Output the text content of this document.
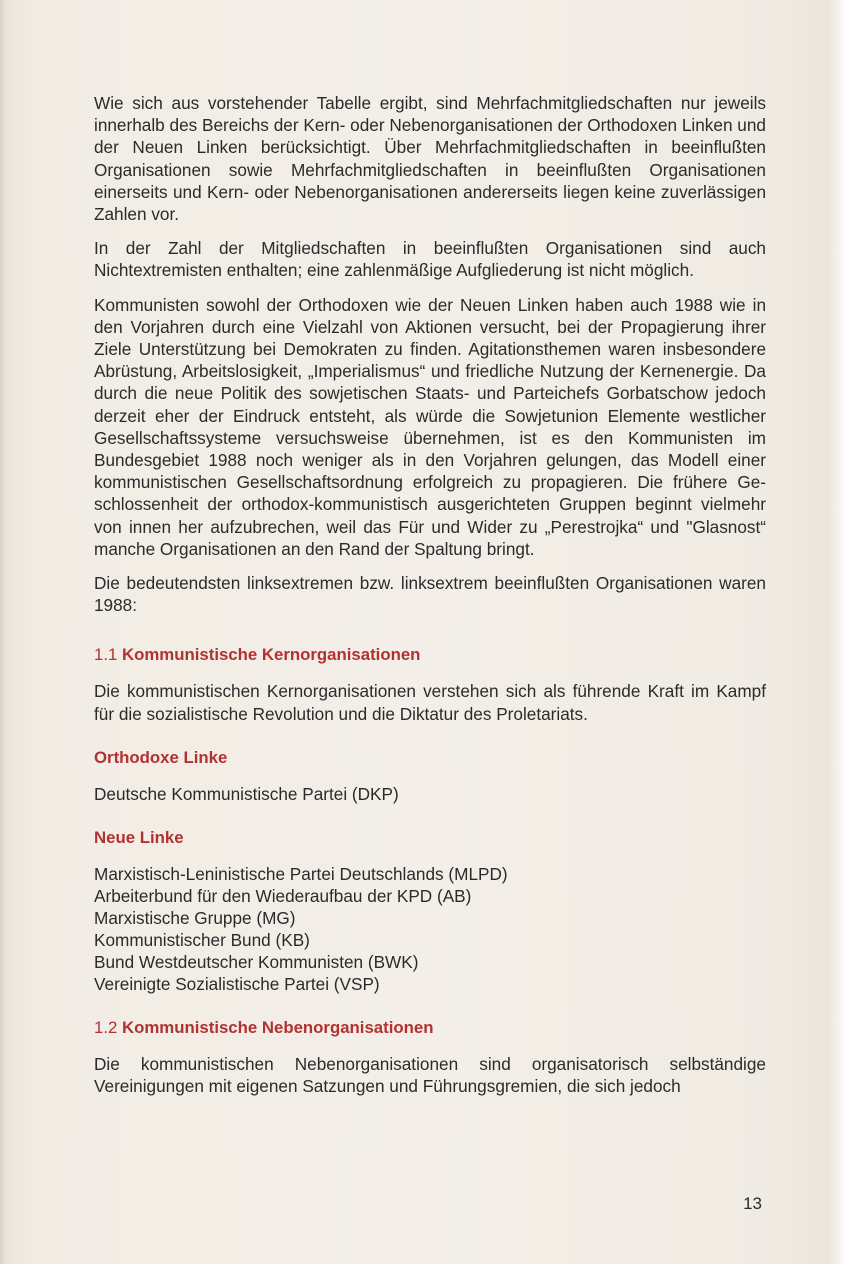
Wie sich aus vorstehender Tabelle ergibt, sind Mehrfachmitgliedschaften nur jeweils innerhalb des Bereichs der Kern- oder Nebenorganisationen der Orthodoxen Linken und der Neuen Linken berücksichtigt. Über Mehrfachmitgliedschaften in beeinflußten Organisationen sowie Mehrfachmitgliedschaften in beeinflußten Organisationen einerseits und Kern- oder Nebenorganisationen andererseits liegen keine zuverlässigen Zahlen vor.

In der Zahl der Mitgliedschaften in beeinflußten Organisationen sind auch Nichtextremisten enthalten; eine zahlenmäßige Aufgliederung ist nicht möglich.

Kommunisten sowohl der Orthodoxen wie der Neuen Linken haben auch 1988 wie in den Vorjahren durch eine Vielzahl von Aktionen versucht, bei der Propagierung ihrer Ziele Unterstützung bei Demokraten zu finden. Agitationsthemen waren insbesondere Abrüstung, Arbeitslosigkeit, „Imperialismus“ und friedliche Nutzung der Kernenergie. Da durch die neue Politik des sowjetischen Staats- und Parteichefs Gorbatschow jedoch derzeit eher der Eindruck entsteht, als würde die Sowjetunion Elemente westlicher Gesellschaftssysteme versuchsweise übernehmen, ist es den Kommunisten im Bundesgebiet 1988 noch weniger als in den Vorjahren gelungen, das Modell einer kommunistischen Gesellschaftsordnung erfolgreich zu propagieren. Die frühere Geschlossenheit der orthodox-kommunistisch ausgerichteten Gruppen beginnt vielmehr von innen her aufzubrechen, weil das Für und Wider zu „Perestrojka“ und "Glasnost“ manche Organisationen an den Rand der Spaltung bringt.

Die bedeutendsten linksextremen bzw. linksextrem beeinflußten Organisationen waren 1988:

1.1 Kommunistische Kernorganisationen

Die kommunistischen Kernorganisationen verstehen sich als führende Kraft im Kampf für die sozialistische Revolution und die Diktatur des Proletariats.

Orthodoxe Linke
Deutsche Kommunistische Partei (DKP)
Neue Linke
Marxistisch-Leninistische Partei Deutschlands (MLPD)
Arbeiterbund für den Wiederaufbau der KPD (AB)
Marxistische Gruppe (MG)
Kommunistischer Bund (KB)
Bund Westdeutscher Kommunisten (BWK)
Vereinigte Sozialistische Partei (VSP)
1.2 Kommunistische Nebenorganisationen

Die kommunistischen Nebenorganisationen sind organisatorisch selbständige Vereinigungen mit eigenen Satzungen und Führungsgremien, die sich jedoch

13
